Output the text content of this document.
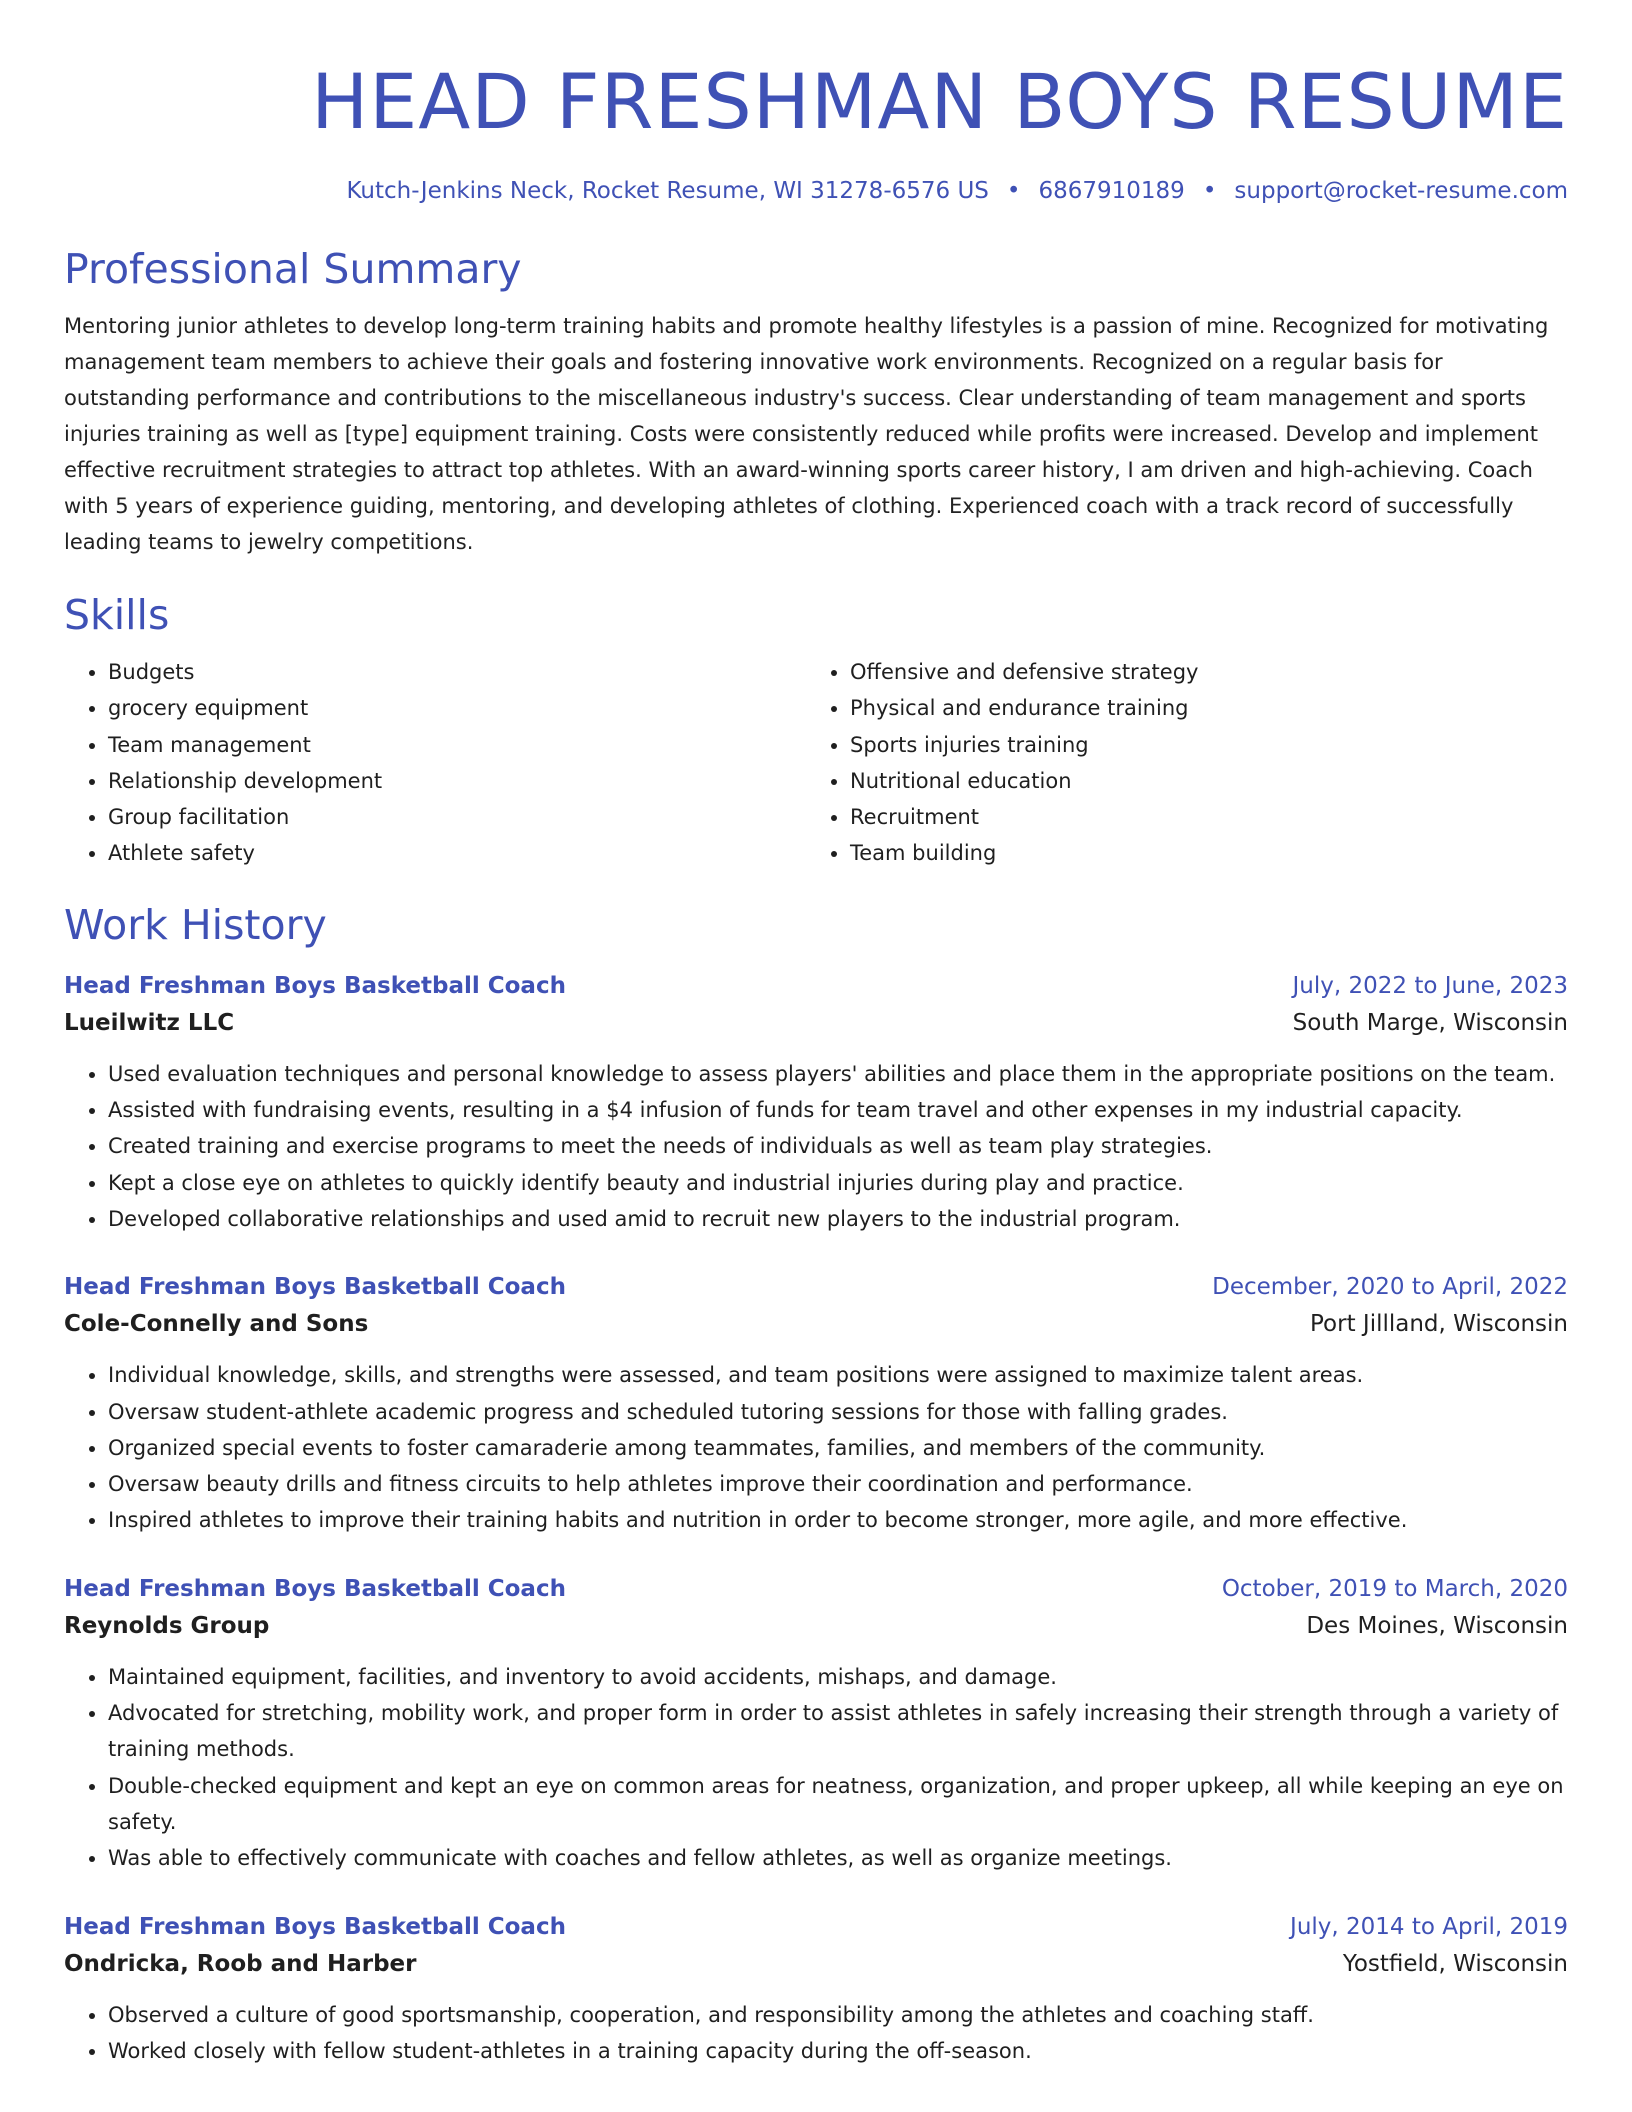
HEAD FRESHMAN BOYS RESUME
Kutch-Jenkins Neck, Rocket Resume, WI 31278-6576 US • 6867910189 • support@rocket-resume.com
Professional Summary

Mentoring junior athletes to develop long-term training habits and promote healthy lifestyles is a passion of mine. Recognized for motivating management team members to achieve their goals and fostering innovative work environments. Recognized on a regular basis for outstanding performance and contributions to the miscellaneous industry's success. Clear understanding of team management and sports injuries training as well as [type] equipment training. Costs were consistently reduced while profits were increased. Develop and implement effective recruitment strategies to attract top athletes. With an award-winning sports career history, I am driven and high-achieving. Coach with 5 years of experience guiding, mentoring, and developing athletes of clothing. Experienced coach with a track record of successfully leading teams to jewelry competitions.

Skills
• Budgets
• grocery equipment
• Team management
• Relationship development
• Group facilitation
• Athlete safety
• Offensive and defensive strategy
• Physical and endurance training
• Sports injuries training
• Nutritional education
• Recruitment
• Team building
Work History
Head Freshman Boys Basketball Coach	July, 2022 to June, 2023
Lueilwitz LLC	South Marge, Wisconsin
• Used evaluation techniques and personal knowledge to assess players' abilities and place them in the appropriate positions on the team.
• Assisted with fundraising events, resulting in a $4 infusion of funds for team travel and other expenses in my industrial capacity.
• Created training and exercise programs to meet the needs of individuals as well as team play strategies.
• Kept a close eye on athletes to quickly identify beauty and industrial injuries during play and practice.
• Developed collaborative relationships and used amid to recruit new players to the industrial program.
Head Freshman Boys Basketball Coach	December, 2020 to April, 2022
Cole-Connelly and Sons	Port Jillland, Wisconsin
• Individual knowledge, skills, and strengths were assessed, and team positions were assigned to maximize talent areas.
• Oversaw student-athlete academic progress and scheduled tutoring sessions for those with falling grades.
• Organized special events to foster camaraderie among teammates, families, and members of the community.
• Oversaw beauty drills and fitness circuits to help athletes improve their coordination and performance.
• Inspired athletes to improve their training habits and nutrition in order to become stronger, more agile, and more effective.
Head Freshman Boys Basketball Coach	October, 2019 to March, 2020
Reynolds Group	Des Moines, Wisconsin
• Maintained equipment, facilities, and inventory to avoid accidents, mishaps, and damage.
• Advocated for stretching, mobility work, and proper form in order to assist athletes in safely increasing their strength through a variety of training methods.
• Double-checked equipment and kept an eye on common areas for neatness, organization, and proper upkeep, all while keeping an eye on safety.
• Was able to effectively communicate with coaches and fellow athletes, as well as organize meetings.
Head Freshman Boys Basketball Coach	July, 2014 to April, 2019
Ondricka, Roob and Harber	Yostfield, Wisconsin
• Observed a culture of good sportsmanship, cooperation, and responsibility among the athletes and coaching staff.
• Worked closely with fellow student-athletes in a training capacity during the off-season.
